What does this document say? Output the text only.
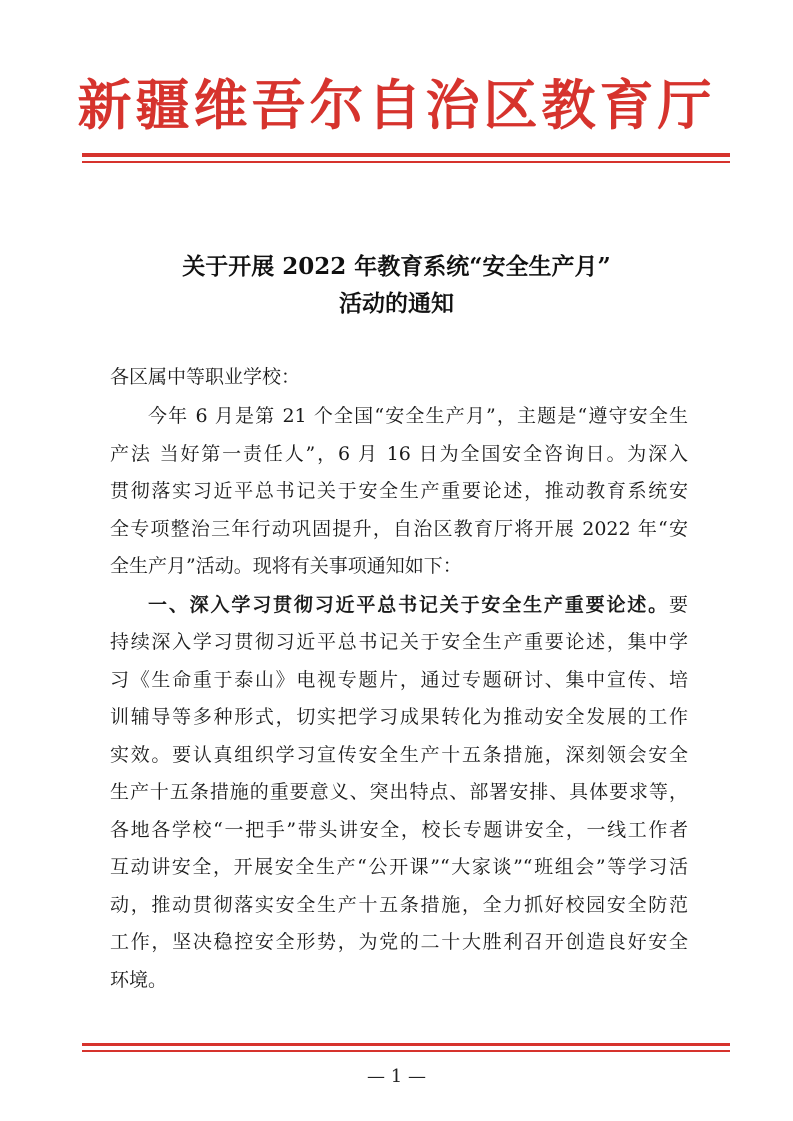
新疆维吾尔自治区教育厅
关于开展 2022 年教育系统“安全生产月”
活动的通知
各区属中等职业学校：
今年 6 月是第 21 个全国“安全生产月”，主题是“遵守安全生
产法 当好第一责任人”，6 月 16 日为全国安全咨询日。为深入
贯彻落实习近平总书记关于安全生产重要论述，推动教育系统安
全专项整治三年行动巩固提升，自治区教育厅将开展 2022 年“安
全生产月”活动。现将有关事项通知如下：
一、深入学习贯彻习近平总书记关于安全生产重要论述。要
持续深入学习贯彻习近平总书记关于安全生产重要论述，集中学
习《生命重于泰山》电视专题片，通过专题研讨、集中宣传、培
训辅导等多种形式，切实把学习成果转化为推动安全发展的工作
实效。要认真组织学习宣传安全生产十五条措施，深刻领会安全
生产十五条措施的重要意义、突出特点、部署安排、具体要求等，
各地各学校“一把手”带头讲安全，校长专题讲安全，一线工作者
互动讲安全，开展安全生产“公开课”“大家谈”“班组会”等学习活
动，推动贯彻落实安全生产十五条措施，全力抓好校园安全防范
工作，坚决稳控安全形势，为党的二十大胜利召开创造良好安全
环境。
— 1 —
